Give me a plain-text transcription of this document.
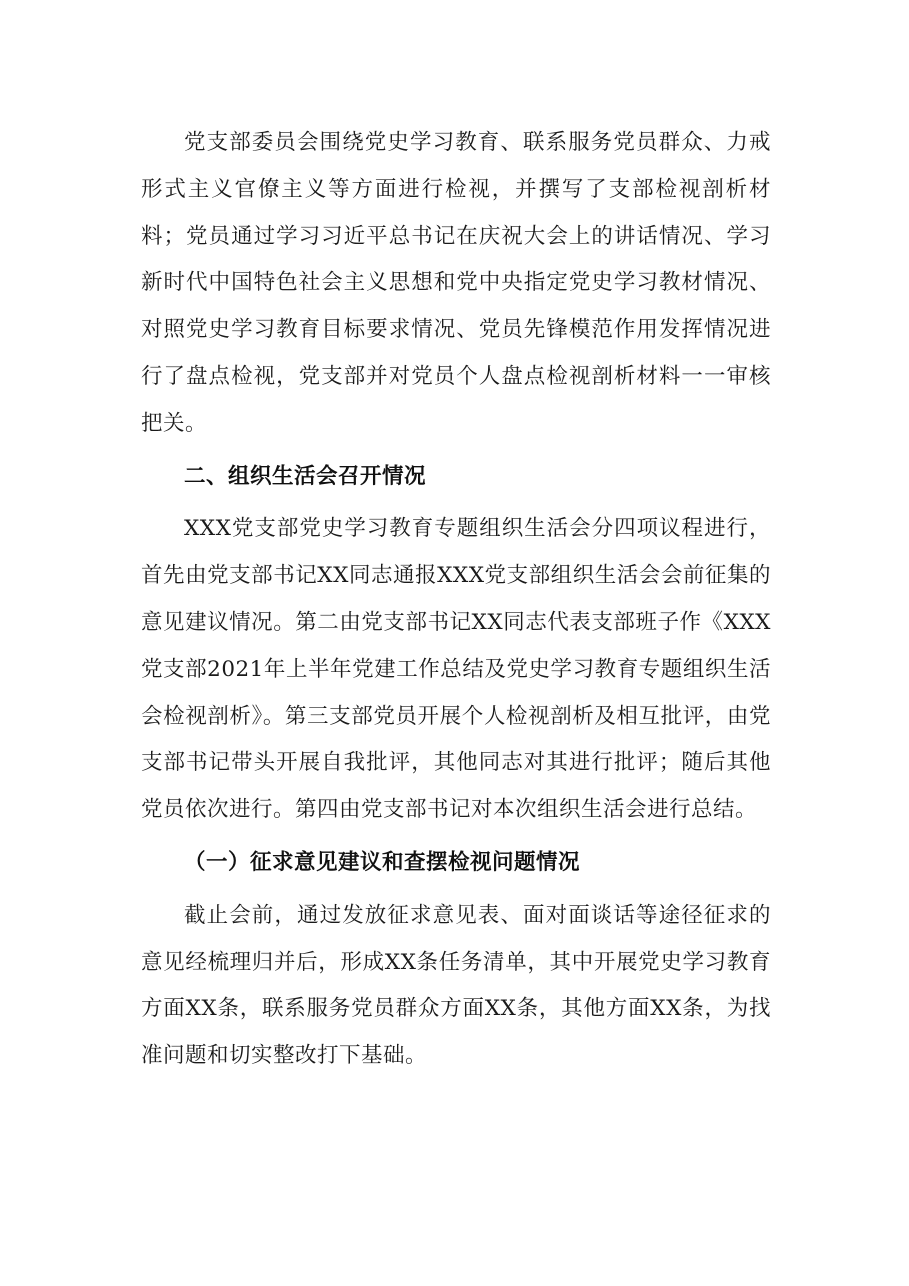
党支部委员会围绕党史学习教育、联系服务党员群众、力戒形式主义官僚主义等方面进行检视，并撰写了支部检视剖析材料；党员通过学习习近平总书记在庆祝大会上的讲话情况、学习新时代中国特色社会主义思想和党中央指定党史学习教材情况、对照党史学习教育目标要求情况、党员先锋模范作用发挥情况进行了盘点检视，党支部并对党员个人盘点检视剖析材料一一审核把关。

二、组织生活会召开情况

XXX党支部党史学习教育专题组织生活会分四项议程进行，首先由党支部书记XX同志通报XXX党支部组织生活会会前征集的意见建议情况。第二由党支部书记XX同志代表支部班子作《XXX党支部2021年上半年党建工作总结及党史学习教育专题组织生活会检视剖析》。第三支部党员开展个人检视剖析及相互批评，由党支部书记带头开展自我批评，其他同志对其进行批评；随后其他党员依次进行。第四由党支部书记对本次组织生活会进行总结。

（一）征求意见建议和查摆检视问题情况

截止会前，通过发放征求意见表、面对面谈话等途径征求的意见经梳理归并后，形成XX条任务清单，其中开展党史学习教育方面XX条，联系服务党员群众方面XX条，其他方面XX条，为找准问题和切实整改打下基础。
